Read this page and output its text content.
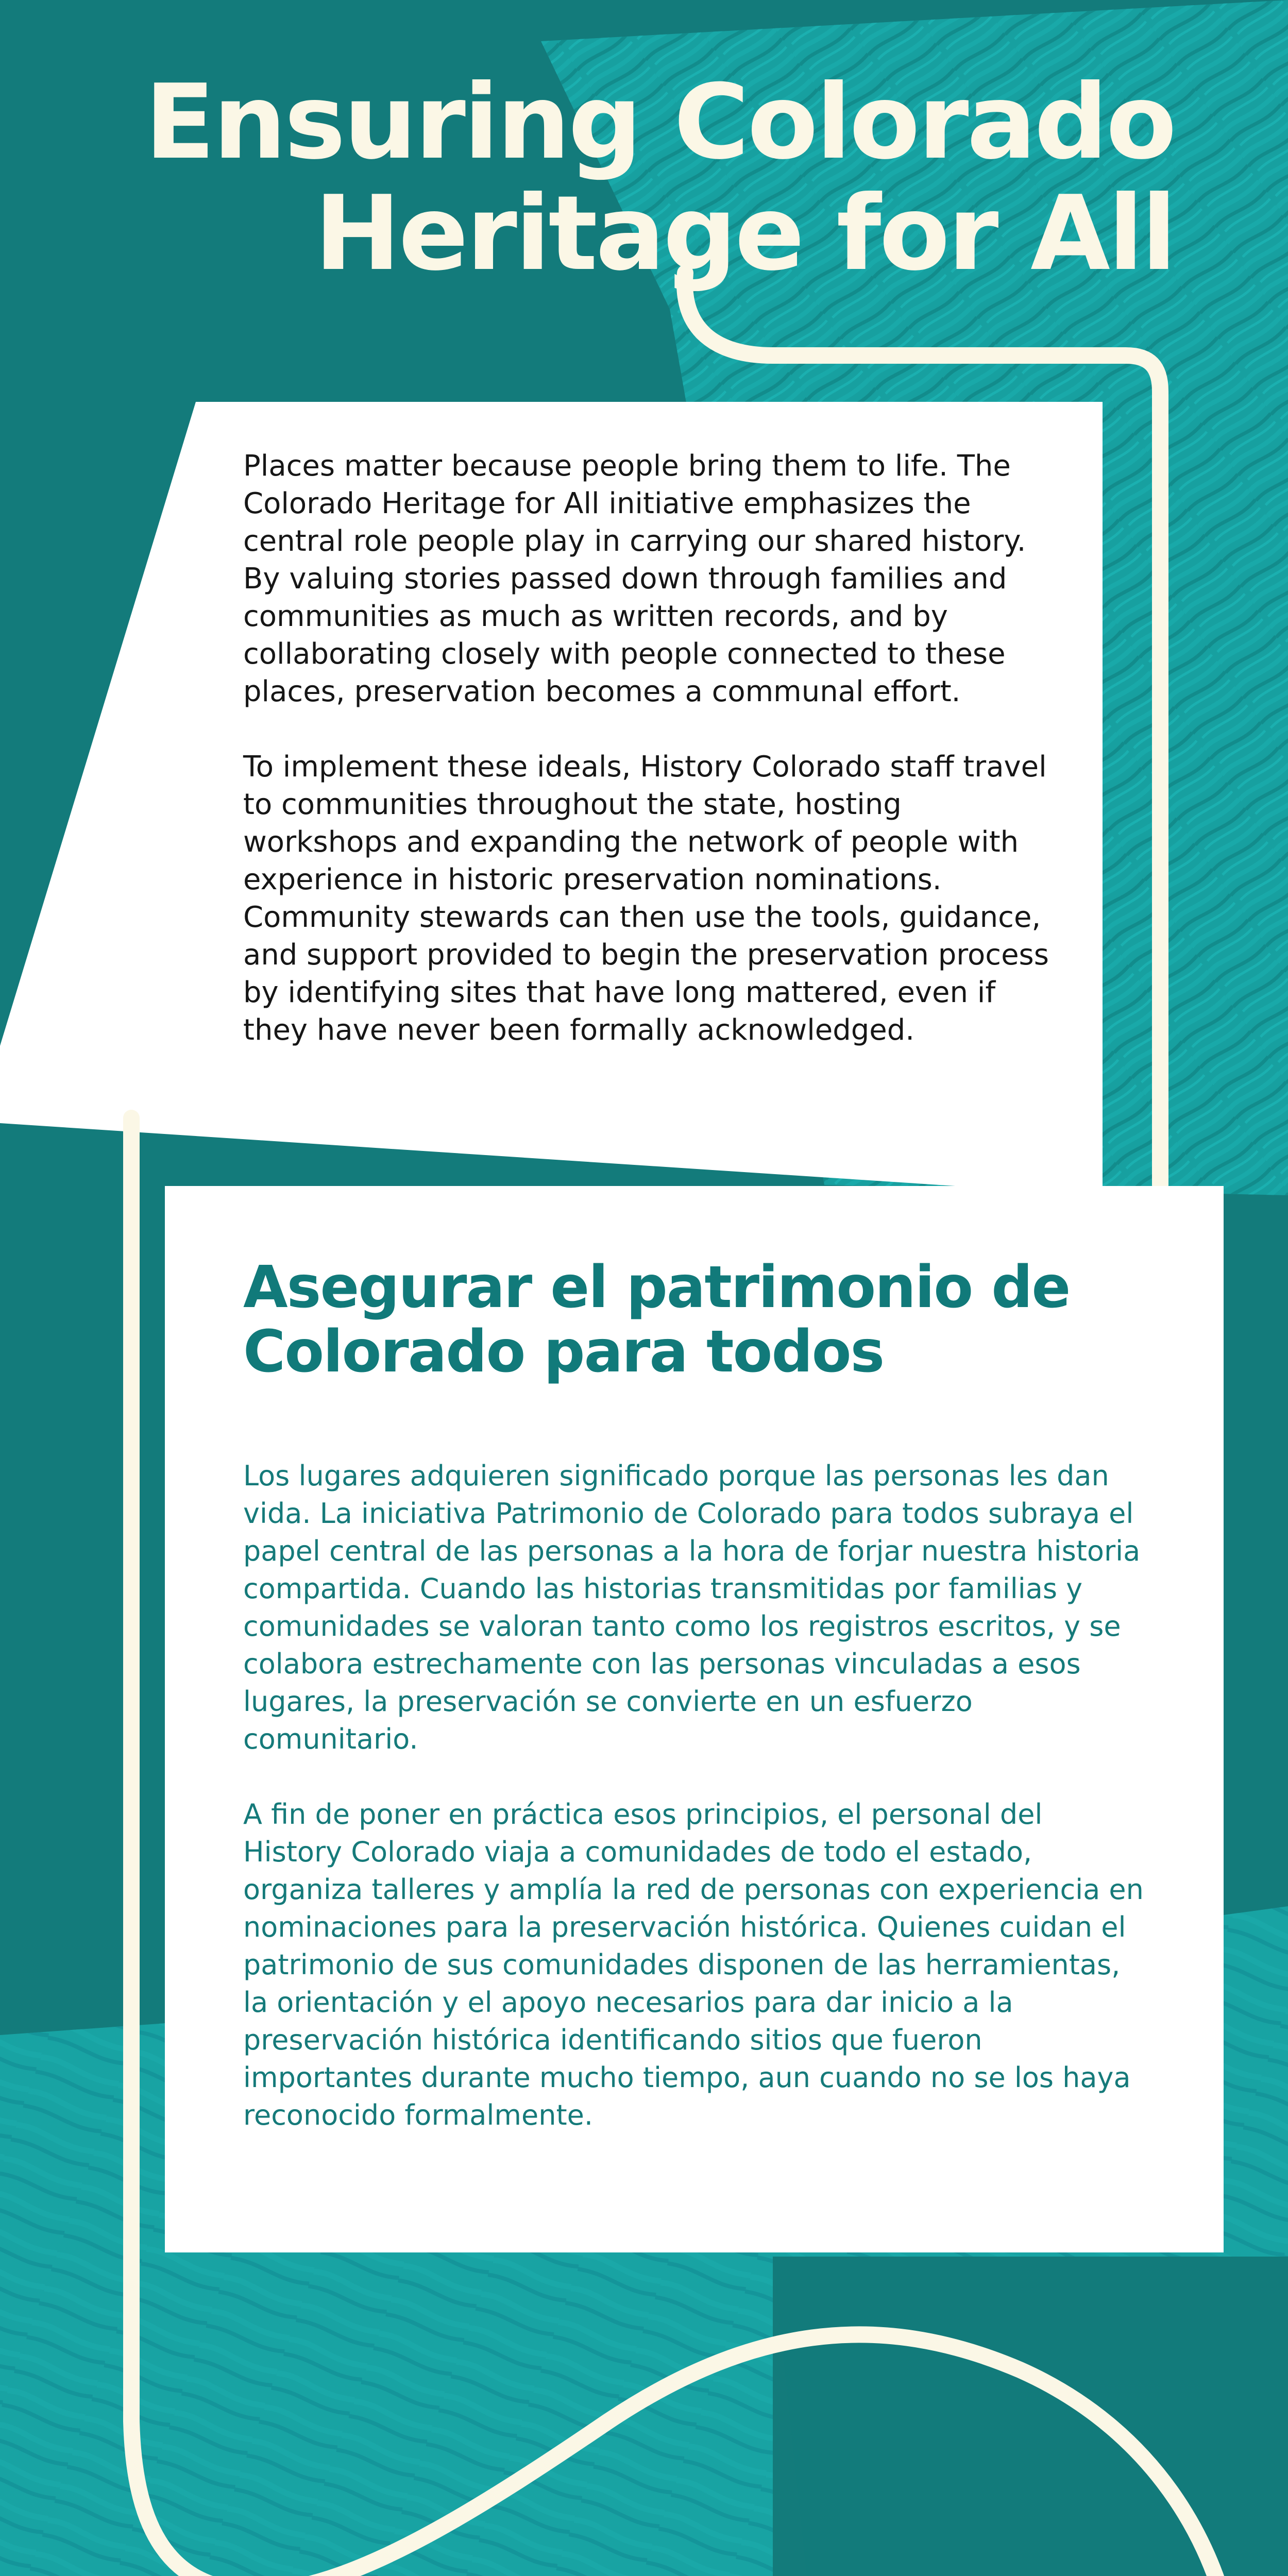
Ensuring Colorado
Heritage for All

Places matter because people bring them to life. The Colorado Heritage for All initiative emphasizes the central role people play in carrying our shared history. By valuing stories passed down through families and communities as much as written records, and by collaborating closely with people connected to these places, preservation becomes a communal effort.

To implement these ideals, History Colorado staff travel to communities throughout the state, hosting workshops and expanding the network of people with experience in historic preservation nominations. Community stewards can then use the tools, guidance, and support provided to begin the preservation process by identifying sites that have long mattered, even if they have never been formally acknowledged.

Asegurar el patrimonio de
Colorado para todos

Los lugares adquieren significado porque las personas les dan vida. La iniciativa Patrimonio de Colorado para todos subraya el papel central de las personas a la hora de forjar nuestra historia compartida. Cuando las historias transmitidas por familias y comunidades se valoran tanto como los registros escritos, y se colabora estrechamente con las personas vinculadas a esos lugares, la preservación se convierte en un esfuerzo comunitario.

A fin de poner en práctica esos principios, el personal del History Colorado viaja a comunidades de todo el estado, organiza talleres y amplía la red de personas con experiencia en nominaciones para la preservación histórica. Quienes cuidan el patrimonio de sus comunidades disponen de las herramientas, la orientación y el apoyo necesarios para dar inicio a la preservación histórica identificando sitios que fueron importantes durante mucho tiempo, aun cuando no se los haya reconocido formalmente.
